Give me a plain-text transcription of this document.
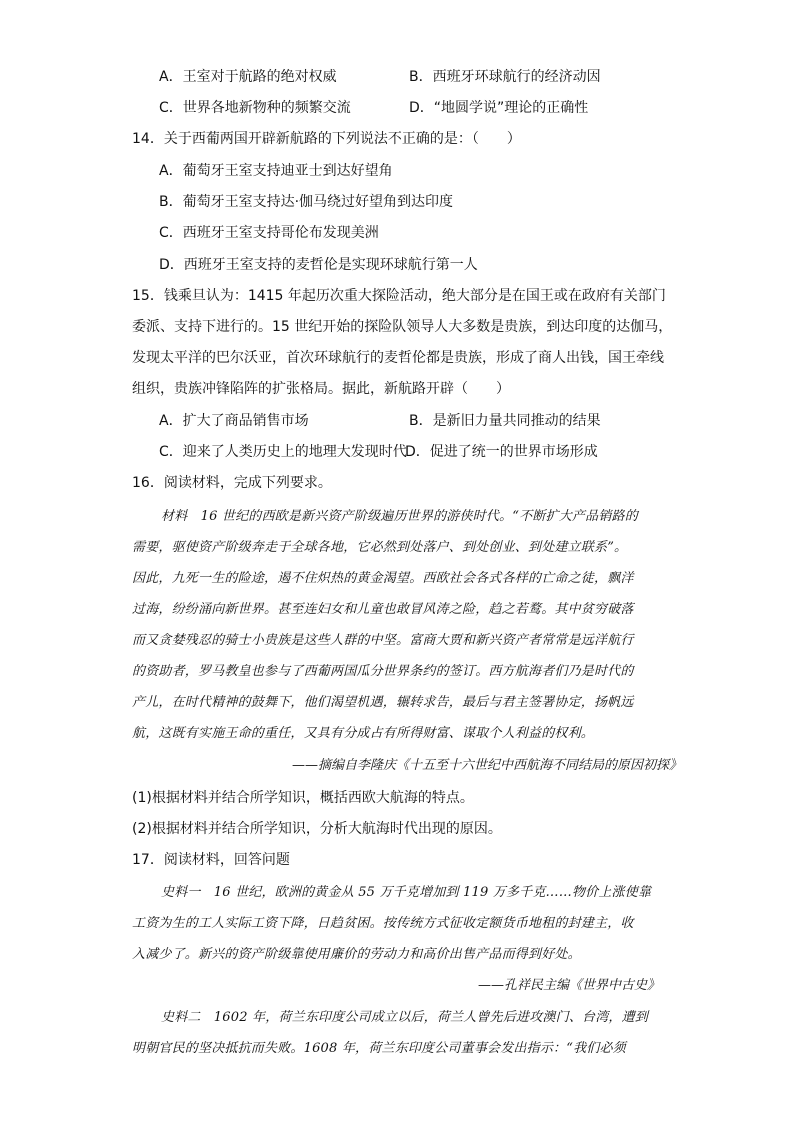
A．王室对于航路的绝对权威	B．西班牙环球航行的经济动因
C．世界各地新物种的频繁交流	D．“地圆学说”理论的正确性
14．关于西葡两国开辟新航路的下列说法不正确的是：（　　）
A．葡萄牙王室支持迪亚士到达好望角
B．葡萄牙王室支持达·伽马绕过好望角到达印度
C．西班牙王室支持哥伦布发现美洲
D．西班牙王室支持的麦哲伦是实现环球航行第一人
15．钱乘旦认为：1415 年起历次重大探险活动，绝大部分是在国王或在政府有关部门
委派、支持下进行的。15 世纪开始的探险队领导人大多数是贵族，到达印度的达伽马，
发现太平洋的巴尔沃亚，首次环球航行的麦哲伦都是贵族，形成了商人出钱，国王牵线
组织，贵族冲锋陷阵的扩张格局。据此，新航路开辟（　　）
A．扩大了商品销售市场	B．是新旧力量共同推动的结果
C．迎来了人类历史上的地理大发现时代
D．促进了统一的世界市场形成
16．阅读材料，完成下列要求。
材料　16 世纪的西欧是新兴资产阶级遍历世界的游侠时代。“不断扩大产品销路的
需要，驱使资产阶级奔走于全球各地，它必然到处落户、到处创业、到处建立联系”。
因此，九死一生的险途，遏不住炽热的黄金渴望。西欧社会各式各样的亡命之徒，飘洋
过海，纷纷涌向新世界。甚至连妇女和儿童也敢冒风涛之险，趋之若鹜。其中贫穷破落
而又贪婪残忍的骑士小贵族是这些人群的中坚。富商大贾和新兴资产者常常是远洋航行
的资助者，罗马教皇也参与了西葡两国瓜分世界条约的签订。西方航海者们乃是时代的
产儿，在时代精神的鼓舞下，他们渴望机遇，辗转求告，最后与君主签署协定，扬帆远
航，这既有实施王命的重任，又具有分成占有所得财富、谋取个人利益的权利。
——摘编自李隆庆《十五至十六世纪中西航海不同结局的原因初探》
(1)根据材料并结合所学知识，概括西欧大航海的特点。
(2)根据材料并结合所学知识，分析大航海时代出现的原因。
17．阅读材料，回答问题
史料一　16 世纪，欧洲的黄金从 55 万千克增加到 119 万多千克……物价上涨使靠
工资为生的工人实际工资下降，日趋贫困。按传统方式征收定额货币地租的封建主，收
入减少了。新兴的资产阶级靠使用廉价的劳动力和高价出售产品而得到好处。
——孔祥民主编《世界中古史》
史料二　1602 年，荷兰东印度公司成立以后，荷兰人曾先后进攻澳门、台湾，遭到
明朝官民的坚决抵抗而失败。1608 年，荷兰东印度公司董事会发出指示：“我们必须
